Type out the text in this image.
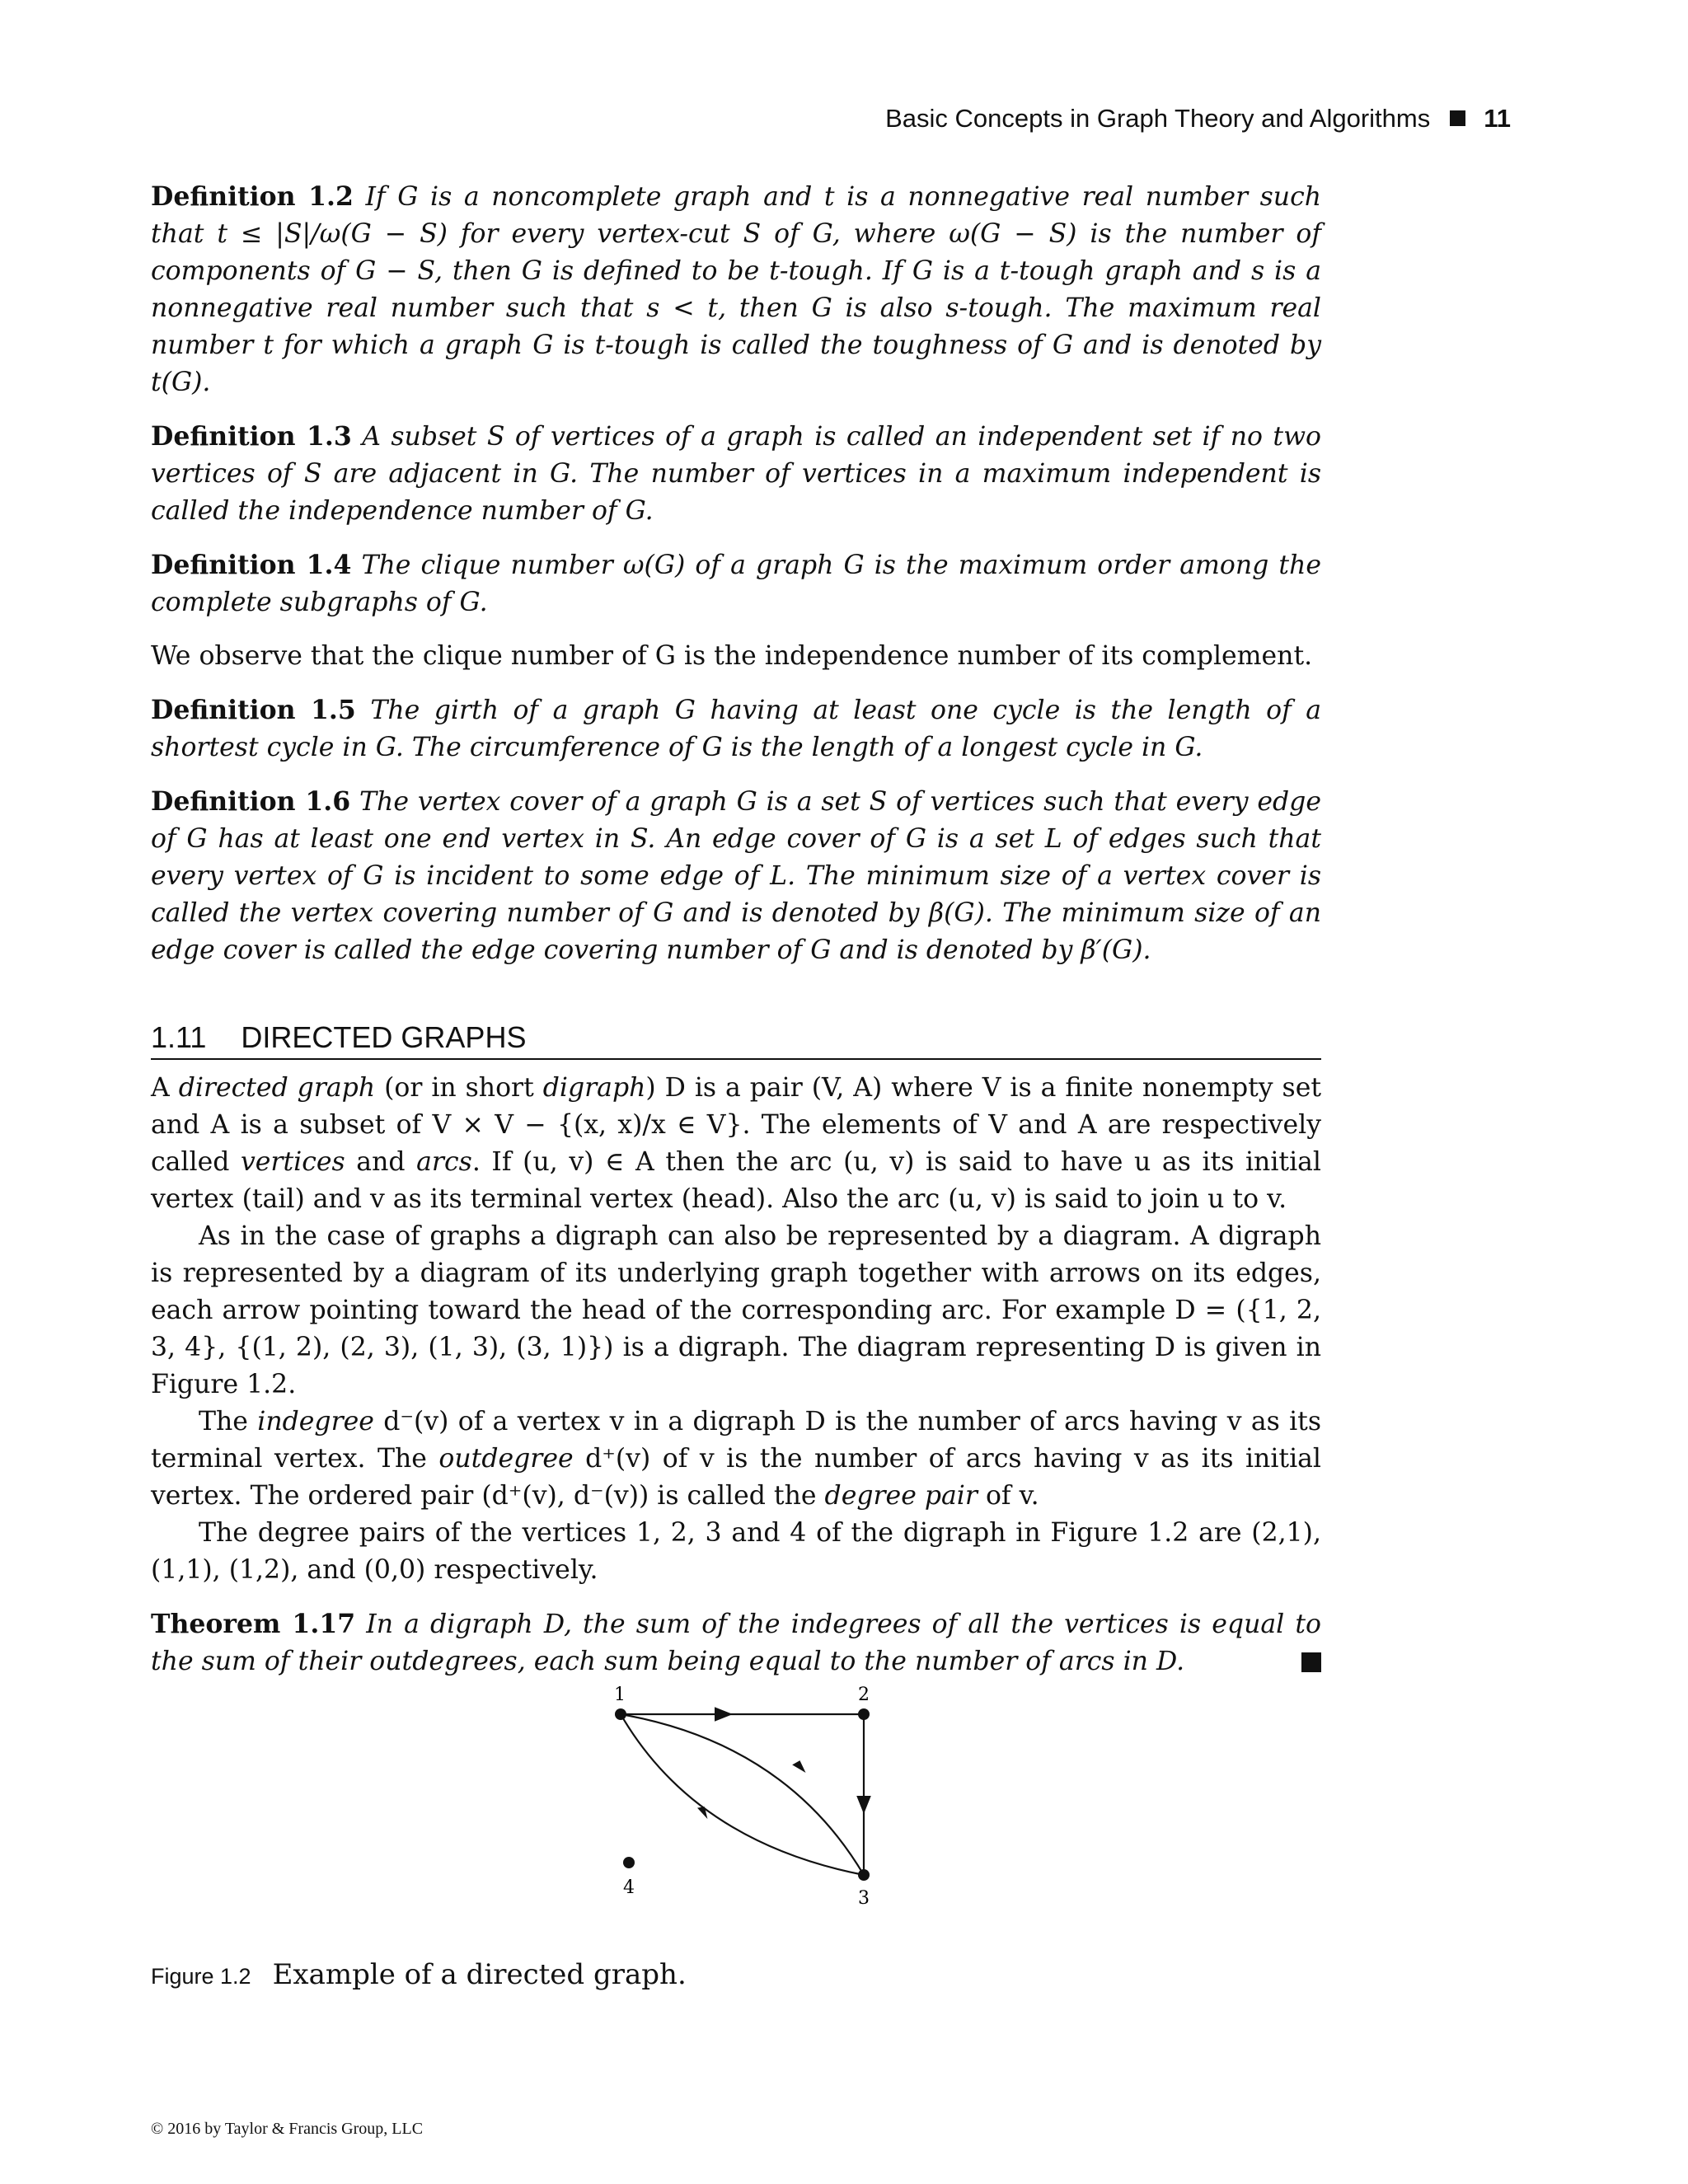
Basic Concepts in Graph Theory and Algorithms 11

Definition 1.2 If G is a noncomplete graph and t is a nonnegative real number such that t ≤ |S|/ω(G − S) for every vertex-cut S of G, where ω(G − S) is the number of components of G − S, then G is defined to be t-tough. If G is a t-tough graph and s is a nonnegative real number such that s < t, then G is also s-tough. The maximum real number t for which a graph G is t-tough is called the toughness of G and is denoted by t(G).

Definition 1.3 A subset S of vertices of a graph is called an independent set if no two vertices of S are adjacent in G. The number of vertices in a maximum independent is called the independence number of G.

Definition 1.4 The clique number ω(G) of a graph G is the maximum order among the complete subgraphs of G.

We observe that the clique number of G is the independence number of its complement.

Definition 1.5 The girth of a graph G having at least one cycle is the length of a shortest cycle in G. The circumference of G is the length of a longest cycle in G.

Definition 1.6 The vertex cover of a graph G is a set S of vertices such that every edge of G has at least one end vertex in S. An edge cover of G is a set L of edges such that every vertex of G is incident to some edge of L. The minimum size of a vertex cover is called the vertex covering number of G and is denoted by β(G). The minimum size of an edge cover is called the edge covering number of G and is denoted by β′(G).

1.11 DIRECTED GRAPHS

A directed graph (or in short digraph) D is a pair (V, A) where V is a finite nonempty set and A is a subset of V × V − {(x, x)/x ∈ V}. The elements of V and A are respectively called vertices and arcs. If (u, v) ∈ A then the arc (u, v) is said to have u as its initial vertex (tail) and v as its terminal vertex (head). Also the arc (u, v) is said to join u to v.

As in the case of graphs a digraph can also be represented by a diagram. A digraph is represented by a diagram of its underlying graph together with arrows on its edges, each arrow pointing toward the head of the corresponding arc. For example D = ({1, 2, 3, 4}, {(1, 2), (2, 3), (1, 3), (3, 1)}) is a digraph. The diagram representing D is given in Figure 1.2.

The indegree d⁻(v) of a vertex v in a digraph D is the number of arcs having v as its terminal vertex. The outdegree d⁺(v) of v is the number of arcs having v as its initial vertex. The ordered pair (d⁺(v), d⁻(v)) is called the degree pair of v.

The degree pairs of the vertices 1, 2, 3 and 4 of the digraph in Figure 1.2 are (2,1), (1,1), (1,2), and (0,0) respectively.

Theorem 1.17 In a digraph D, the sum of the indegrees of all the vertices is equal to the sum of their outdegrees, each sum being equal to the number of arcs in D.

1	2
3
4
Figure 1.2 Example of a directed graph.
© 2016 by Taylor & Francis Group, LLC
